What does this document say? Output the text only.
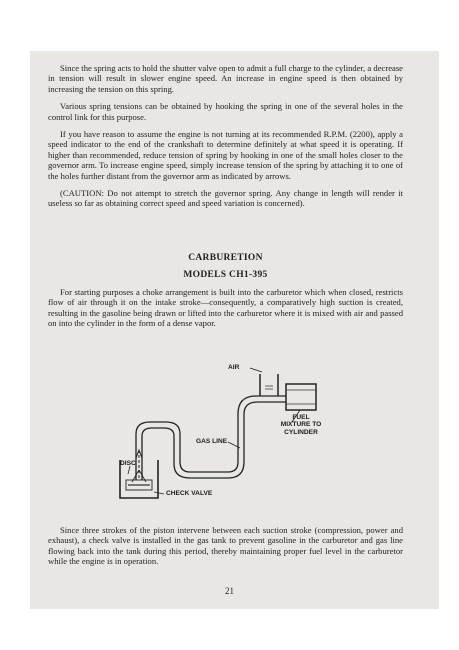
Since the spring acts to hold the shutter valve open to admit a full charge to the cylinder, a decrease in tension will result in slower engine speed. An increase in engine speed is then obtained by increasing the tension on this spring.

Various spring tensions can be obtained by hooking the spring in one of the several holes in the control link for this purpose.

If you have reason to assume the engine is not turning at its recommended R.P.M. (2200), apply a speed indicator to the end of the crankshaft to determine definitely at what speed it is operating. If higher than recommended, reduce tension of spring by hooking in one of the small holes closer to the governor arm. To increase engine speed, simply increase tension of the spring by attaching it to one of the holes further distant from the governor arm as indicated by arrows.

(CAUTION: Do not attempt to stretch the governor spring. Any change in length will render it useless so far as obtaining correct speed and speed variation is concerned).

CARBURETION
MODELS CH1-395

For starting purposes a choke arrangement is built into the carburetor which when closed, restricts flow of air through it on the intake stroke—consequently, a comparatively high suction is created, resulting in the gasoline being drawn or lifted into the carburetor where it is mixed with air and passed on into the cylinder in the form of a dense vapor.

AIR
FUEL MIXTURE TO CYLINDER
GAS LINE
DISC
CHECK VALVE

Since three strokes of the piston intervene between each suction stroke (compression, power and exhaust), a check valve is installed in the gas tank to prevent gasoline in the carburetor and gas line flowing back into the tank during this period, thereby maintaining proper fuel level in the carburetor while the engine is in operation.

21
